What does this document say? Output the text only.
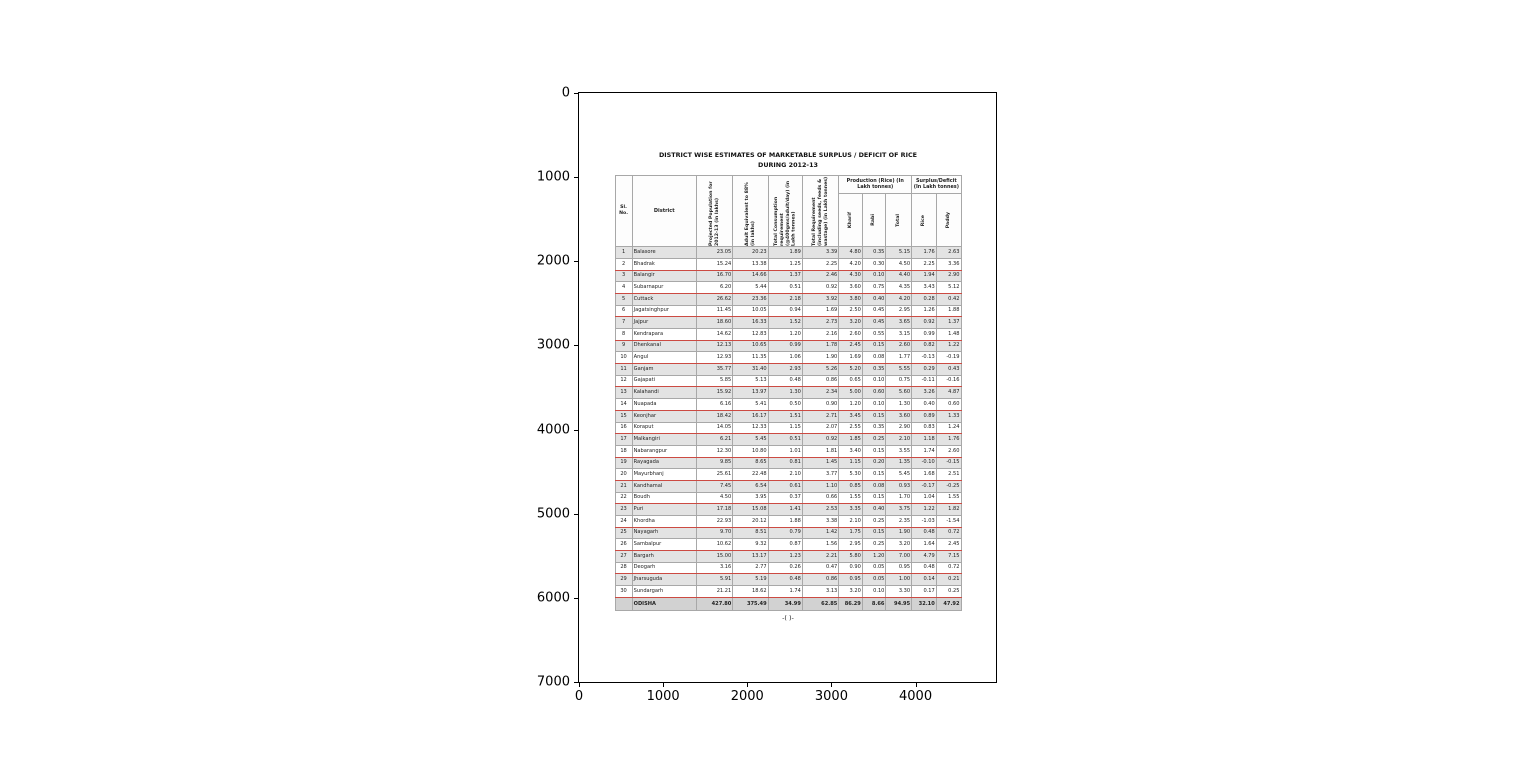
0
1000
2000
3000
4000
5000
6000
7000
0	1000	2000	3000	4000
DISTRICT WISE ESTIMATES OF MARKETABLE SURPLUS / DEFICIT OF RICE
DURING 2012-13
Sl. No.	District	Projected Population for 2012-13 (in lakhs)	Adult Equivalent to 88% (in lakhs)	Total Consumption requirement (@400gms/adult/day) (in Lakh tonnes)	Total Requirement (including seeds, feeds & wastage) (in Lakh tonnes)	Production (Rice) (In Lakh tonnes)			Surplus/Deficit (In Lakh tonnes)	

						Kharif	Rabi	Total	Rice	Paddy

1	Balasore	23.05	20.23	1.89	3.39	4.80	0.35	5.15	1.76	2.63
2	Bhadrak	15.24	13.38	1.25	2.25	4.20	0.30	4.50	2.25	3.36
3	Balangir	16.70	14.66	1.37	2.46	4.30	0.10	4.40	1.94	2.90
4	Subarnapur	6.20	5.44	0.51	0.92	3.60	0.75	4.35	3.43	5.12
5	Cuttack	26.62	23.36	2.18	3.92	3.80	0.40	4.20	0.28	0.42
6	Jagatsinghpur	11.45	10.05	0.94	1.69	2.50	0.45	2.95	1.26	1.88
7	Jajpur	18.60	16.33	1.52	2.73	3.20	0.45	3.65	0.92	1.37
8	Kendrapara	14.62	12.83	1.20	2.16	2.60	0.55	3.15	0.99	1.48
9	Dhenkanal	12.13	10.65	0.99	1.78	2.45	0.15	2.60	0.82	1.22
10	Angul	12.93	11.35	1.06	1.90	1.69	0.08	1.77	-0.13	-0.19
11	Ganjam	35.77	31.40	2.93	5.26	5.20	0.35	5.55	0.29	0.43
12	Gajapati	5.85	5.13	0.48	0.86	0.65	0.10	0.75	-0.11	-0.16
13	Kalahandi	15.92	13.97	1.30	2.34	5.00	0.60	5.60	3.26	4.87
14	Nuapada	6.16	5.41	0.50	0.90	1.20	0.10	1.30	0.40	0.60
15	Keonjhar	18.42	16.17	1.51	2.71	3.45	0.15	3.60	0.89	1.33
16	Koraput	14.05	12.33	1.15	2.07	2.55	0.35	2.90	0.83	1.24
17	Malkangiri	6.21	5.45	0.51	0.92	1.85	0.25	2.10	1.18	1.76
18	Nabarangpur	12.30	10.80	1.01	1.81	3.40	0.15	3.55	1.74	2.60
19	Rayagada	9.85	8.65	0.81	1.45	1.15	0.20	1.35	-0.10	-0.15
20	Mayurbhanj	25.61	22.48	2.10	3.77	5.30	0.15	5.45	1.68	2.51
21	Kandhamal	7.45	6.54	0.61	1.10	0.85	0.08	0.93	-0.17	-0.25
22	Boudh	4.50	3.95	0.37	0.66	1.55	0.15	1.70	1.04	1.55
23	Puri	17.18	15.08	1.41	2.53	3.35	0.40	3.75	1.22	1.82
24	Khordha	22.93	20.12	1.88	3.38	2.10	0.25	2.35	-1.03	-1.54
25	Nayagarh	9.70	8.51	0.79	1.42	1.75	0.15	1.90	0.48	0.72
26	Sambalpur	10.62	9.32	0.87	1.56	2.95	0.25	3.20	1.64	2.45
27	Bargarh	15.00	13.17	1.23	2.21	5.80	1.20	7.00	4.79	7.15
28	Deogarh	3.16	2.77	0.26	0.47	0.90	0.05	0.95	0.48	0.72
29	Jharsuguda	5.91	5.19	0.48	0.86	0.95	0.05	1.00	0.14	0.21
30	Sundargarh	21.21	18.62	1.74	3.13	3.20	0.10	3.30	0.17	0.25
	ODISHA	427.80	375.49	34.99	62.85	86.29	8.66	94.95	32.10	47.92
-( )-
